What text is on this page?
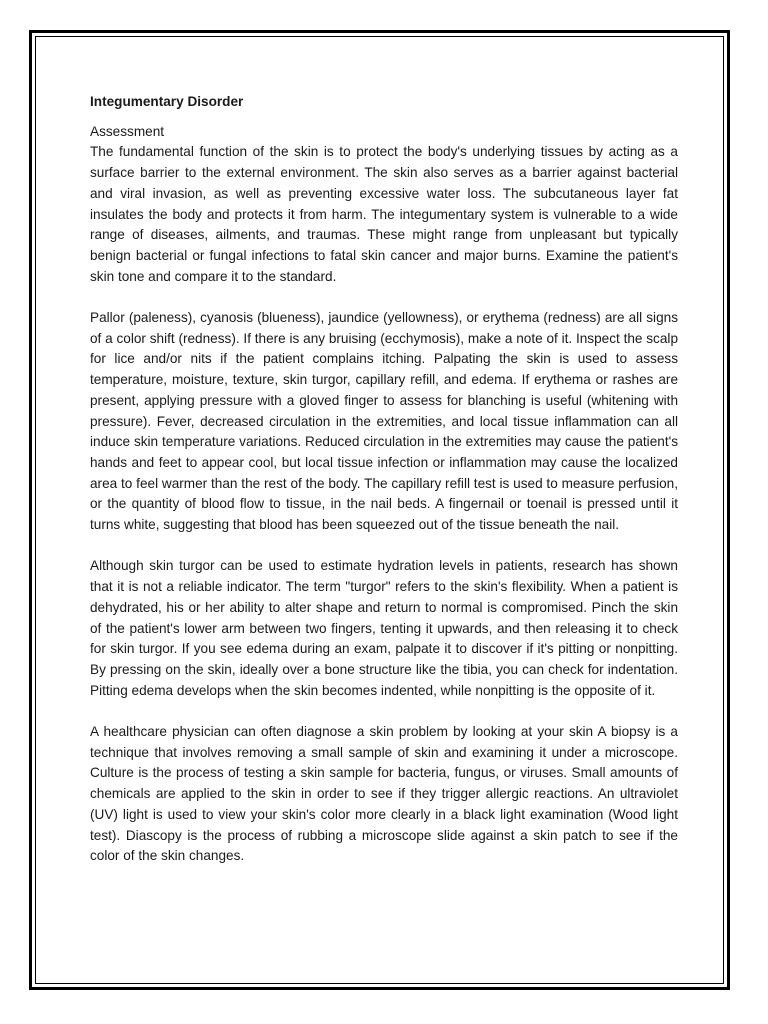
Integumentary Disorder
Assessment

The fundamental function of the skin is to protect the body's underlying tissues by acting as a surface barrier to the external environment. The skin also serves as a barrier against bacterial and viral invasion, as well as preventing excessive water loss. The subcutaneous layer fat insulates the body and protects it from harm. The integumentary system is vulnerable to a wide range of diseases, ailments, and traumas. These might range from unpleasant but typically benign bacterial or fungal infections to fatal skin cancer and major burns. Examine the patient's skin tone and compare it to the standard.

Pallor (paleness), cyanosis (blueness), jaundice (yellowness), or erythema (redness) are all signs of a color shift (redness). If there is any bruising (ecchymosis), make a note of it. Inspect the scalp for lice and/or nits if the patient complains itching. Palpating the skin is used to assess temperature, moisture, texture, skin turgor, capillary refill, and edema. If erythema or rashes are present, applying pressure with a gloved finger to assess for blanching is useful (whitening with pressure). Fever, decreased circulation in the extremities, and local tissue inflammation can all induce skin temperature variations. Reduced circulation in the extremities may cause the patient's hands and feet to appear cool, but local tissue infection or inflammation may cause the localized area to feel warmer than the rest of the body. The capillary refill test is used to measure perfusion, or the quantity of blood flow to tissue, in the nail beds. A fingernail or toenail is pressed until it turns white, suggesting that blood has been squeezed out of the tissue beneath the nail.

Although skin turgor can be used to estimate hydration levels in patients, research has shown that it is not a reliable indicator. The term "turgor" refers to the skin's flexibility. When a patient is dehydrated, his or her ability to alter shape and return to normal is compromised. Pinch the skin of the patient's lower arm between two fingers, tenting it upwards, and then releasing it to check for skin turgor. If you see edema during an exam, palpate it to discover if it's pitting or nonpitting. By pressing on the skin, ideally over a bone structure like the tibia, you can check for indentation. Pitting edema develops when the skin becomes indented, while nonpitting is the opposite of it.

A healthcare physician can often diagnose a skin problem by looking at your skin A biopsy is a technique that involves removing a small sample of skin and examining it under a microscope. Culture is the process of testing a skin sample for bacteria, fungus, or viruses. Small amounts of chemicals are applied to the skin in order to see if they trigger allergic reactions. An ultraviolet (UV) light is used to view your skin's color more clearly in a black light examination (Wood light test). Diascopy is the process of rubbing a microscope slide against a skin patch to see if the color of the skin changes.
